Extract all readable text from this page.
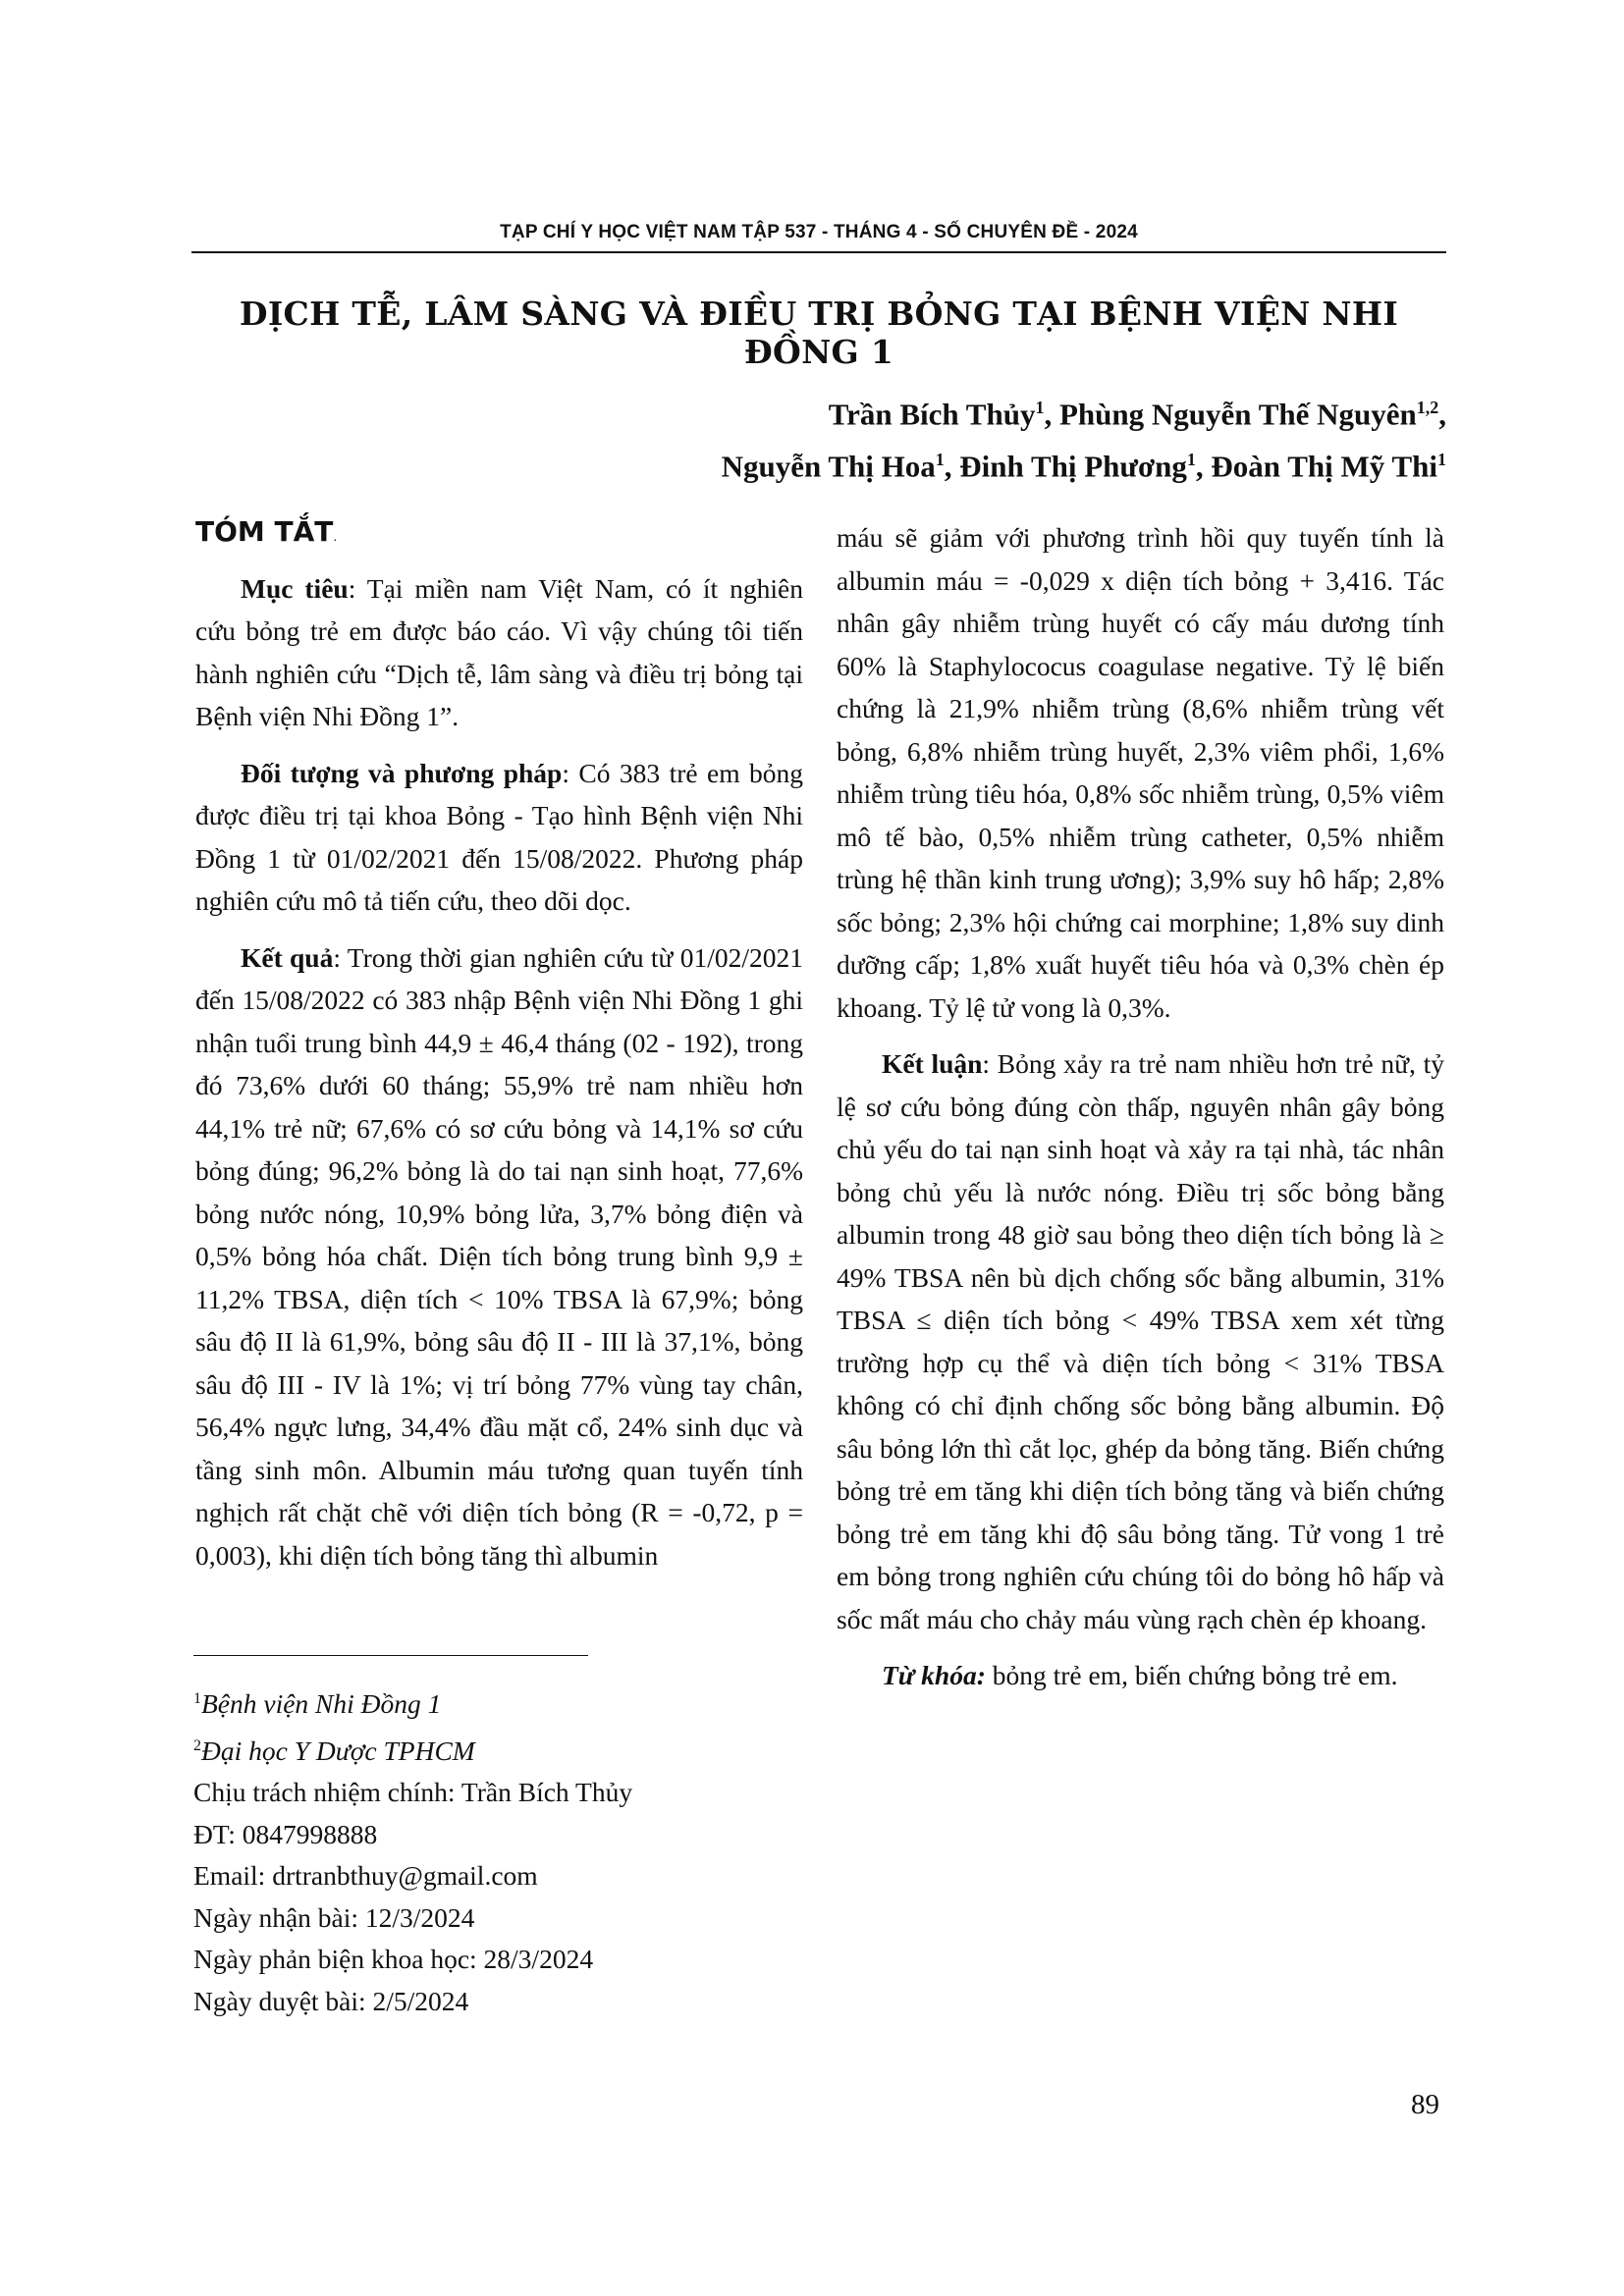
TẠP CHÍ Y HỌC VIỆT NAM TẬP 537 - THÁNG 4 - SỐ CHUYÊN ĐỀ - 2024
DỊCH TỄ, LÂM SÀNG VÀ ĐIỀU TRỊ BỎNG TẠI BỆNH VIỆN NHI ĐỒNG 1
Trần Bích Thủy$^1$, Phùng Nguyễn Thế Nguyên$^{1,2}$,
Nguyễn Thị Hoa$^1$, Đinh Thị Phương$^1$, Đoàn Thị Mỹ Thi$^1$
TÓM TẮT.

Mục tiêu: Tại miền nam Việt Nam, có ít nghiên cứu bỏng trẻ em được báo cáo. Vì vậy chúng tôi tiến hành nghiên cứu “Dịch tễ, lâm sàng và điều trị bỏng tại Bệnh viện Nhi Đồng 1”.

Đối tượng và phương pháp: Có 383 trẻ em bỏng được điều trị tại khoa Bỏng - Tạo hình Bệnh viện Nhi Đồng 1 từ 01/02/2021 đến 15/08/2022. Phương pháp nghiên cứu mô tả tiến cứu, theo dõi dọc.

Kết quả: Trong thời gian nghiên cứu từ 01/02/2021 đến 15/08/2022 có 383 nhập Bệnh viện Nhi Đồng 1 ghi nhận tuổi trung bình 44,9 ± 46,4 tháng (02 - 192), trong đó 73,6% dưới 60 tháng; 55,9% trẻ nam nhiều hơn 44,1% trẻ nữ; 67,6% có sơ cứu bỏng và 14,1% sơ cứu bỏng đúng; 96,2% bỏng là do tai nạn sinh hoạt, 77,6% bỏng nước nóng, 10,9% bỏng lửa, 3,7% bỏng điện và 0,5% bỏng hóa chất. Diện tích bỏng trung bình 9,9 ± 11,2% TBSA, diện tích < 10% TBSA là 67,9%; bỏng sâu độ II là 61,9%, bỏng sâu độ II - III là 37,1%, bỏng sâu độ III - IV là 1%; vị trí bỏng 77% vùng tay chân, 56,4% ngực lưng, 34,4% đầu mặt cổ, 24% sinh dục và tầng sinh môn. Albumin máu tương quan tuyến tính nghịch rất chặt chẽ với diện tích bỏng (R = -0,72, p = 0,003), khi diện tích bỏng tăng thì albumin

máu sẽ giảm với phương trình hồi quy tuyến tính là albumin máu = -0,029 x diện tích bỏng + 3,416. Tác nhân gây nhiễm trùng huyết có cấy máu dương tính 60% là Staphylococus coagulase negative. Tỷ lệ biến chứng là 21,9% nhiễm trùng (8,6% nhiễm trùng vết bỏng, 6,8% nhiễm trùng huyết, 2,3% viêm phổi, 1,6% nhiễm trùng tiêu hóa, 0,8% sốc nhiễm trùng, 0,5% viêm mô tế bào, 0,5% nhiễm trùng catheter, 0,5% nhiễm trùng hệ thần kinh trung ương); 3,9% suy hô hấp; 2,8% sốc bỏng; 2,3% hội chứng cai morphine; 1,8% suy dinh dưỡng cấp; 1,8% xuất huyết tiêu hóa và 0,3% chèn ép khoang. Tỷ lệ tử vong là 0,3%.

Kết luận: Bỏng xảy ra trẻ nam nhiều hơn trẻ nữ, tỷ lệ sơ cứu bỏng đúng còn thấp, nguyên nhân gây bỏng chủ yếu do tai nạn sinh hoạt và xảy ra tại nhà, tác nhân bỏng chủ yếu là nước nóng. Điều trị sốc bỏng bằng albumin trong 48 giờ sau bỏng theo diện tích bỏng là ≥ 49% TBSA nên bù dịch chống sốc bằng albumin, 31% TBSA ≤ diện tích bỏng < 49% TBSA xem xét từng trường hợp cụ thể và diện tích bỏng < 31% TBSA không có chỉ định chống sốc bỏng bằng albumin. Độ sâu bỏng lớn thì cắt lọc, ghép da bỏng tăng. Biến chứng bỏng trẻ em tăng khi diện tích bỏng tăng và biến chứng bỏng trẻ em tăng khi độ sâu bỏng tăng. Tử vong 1 trẻ em bỏng trong nghiên cứu chúng tôi do bỏng hô hấp và sốc mất máu cho chảy máu vùng rạch chèn ép khoang.

Từ khóa: bỏng trẻ em, biến chứng bỏng trẻ em.

$^1$Bệnh viện Nhi Đồng 1
$^2$Đại học Y Dược TPHCM
Chịu trách nhiệm chính: Trần Bích Thủy
ĐT: 0847998888
Email: drtranbthuy@gmail.com
Ngày nhận bài: 12/3/2024
Ngày phản biện khoa học: 28/3/2024
Ngày duyệt bài: 2/5/2024
89
